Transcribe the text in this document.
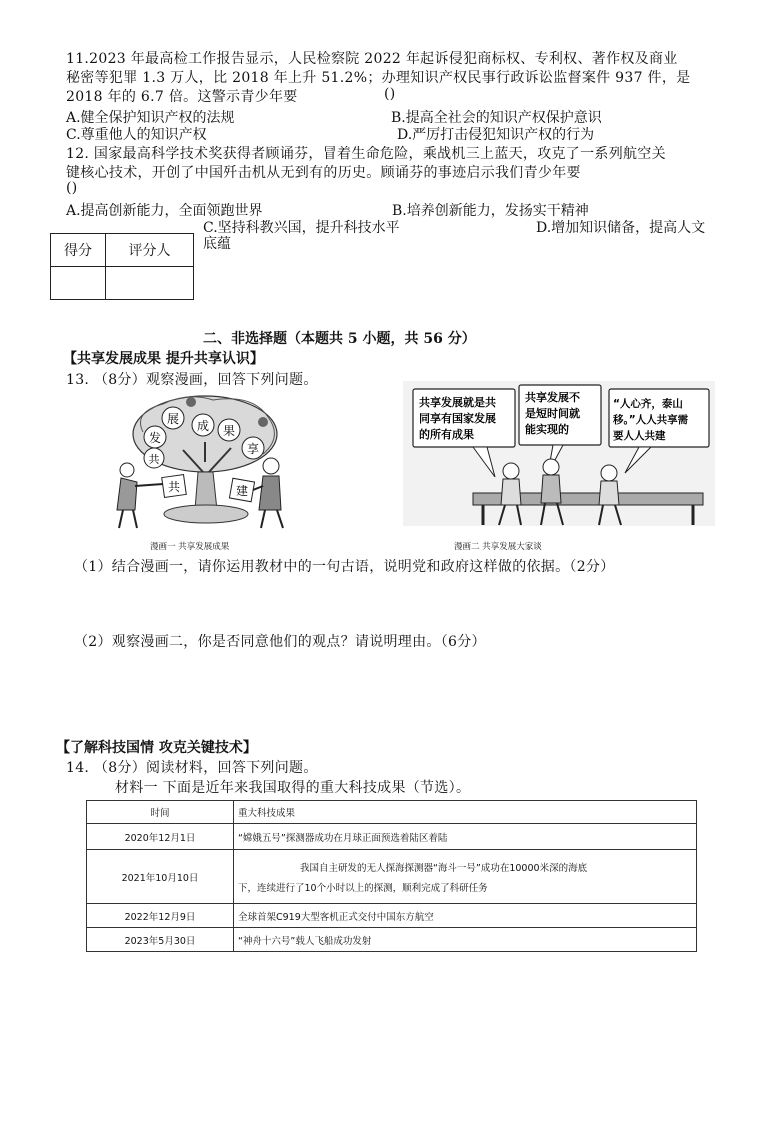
11.2023 年最高检工作报告显示，人民检察院 2022 年起诉侵犯商标权、专利权、著作权及商业
秘密等犯罪 1.3 万人，比 2018 年上升 51.2%；办理知识产权民事行政诉讼监督案件 937 件，是
2018 年的 6.7 倍。这警示青少年要	()
A.健全保护知识产权的法规	B.提高全社会的知识产权保护意识
C.尊重他人的知识产权	D.严厉打击侵犯知识产权的行为
12. 国家最高科学技术奖获得者顾诵芬，冒着生命危险，乘战机三上蓝天，攻克了一系列航空关
键核心技术，开创了中国歼击机从无到有的历史。顾诵芬的事迹启示我们青少年要
()
A.提高创新能力，全面领跑世界	B.培养创新能力，发扬实干精神
C.坚持科教兴国，提升科技水平	D.增加知识储备，提高人文
底蕴
得分	评分人

二、非选择题（本题共 5 小题，共 56 分）
【共享发展成果 提升共享认识】
13. （8分）观察漫画，回答下列问题。
发
展 成 果
共
享
共	建
漫画一 共享发展成果
共享发展就是共
同享有国家发展
的所有成果
共享发展不
是短时间就
能实现的
“人心齐，泰山
移。”人人共享需
要人人共建
漫画二 共享发展大家谈
（1）结合漫画一，请你运用教材中的一句古语，说明党和政府这样做的依据。（2分）
（2）观察漫画二，你是否同意他们的观点？请说明理由。（6分）
【了解科技国情 攻克关键技术】
14. （8分）阅读材料，回答下列问题。
材料一 下面是近年来我国取得的重大科技成果（节选）。
时间	重大科技成果
2020年12月1日	“嫦娥五号”探测器成功在月球正面预选着陆区着陆
2021年10月10日	我国自主研发的无人探海探测器“海斗一号”成功在10000米深的海底
下，连续进行了10个小时以上的探测，顺利完成了科研任务

2022年12月9日	全球首架C919大型客机正式交付中国东方航空
2023年5月30日	“神舟十六号”载人飞船成功发射
